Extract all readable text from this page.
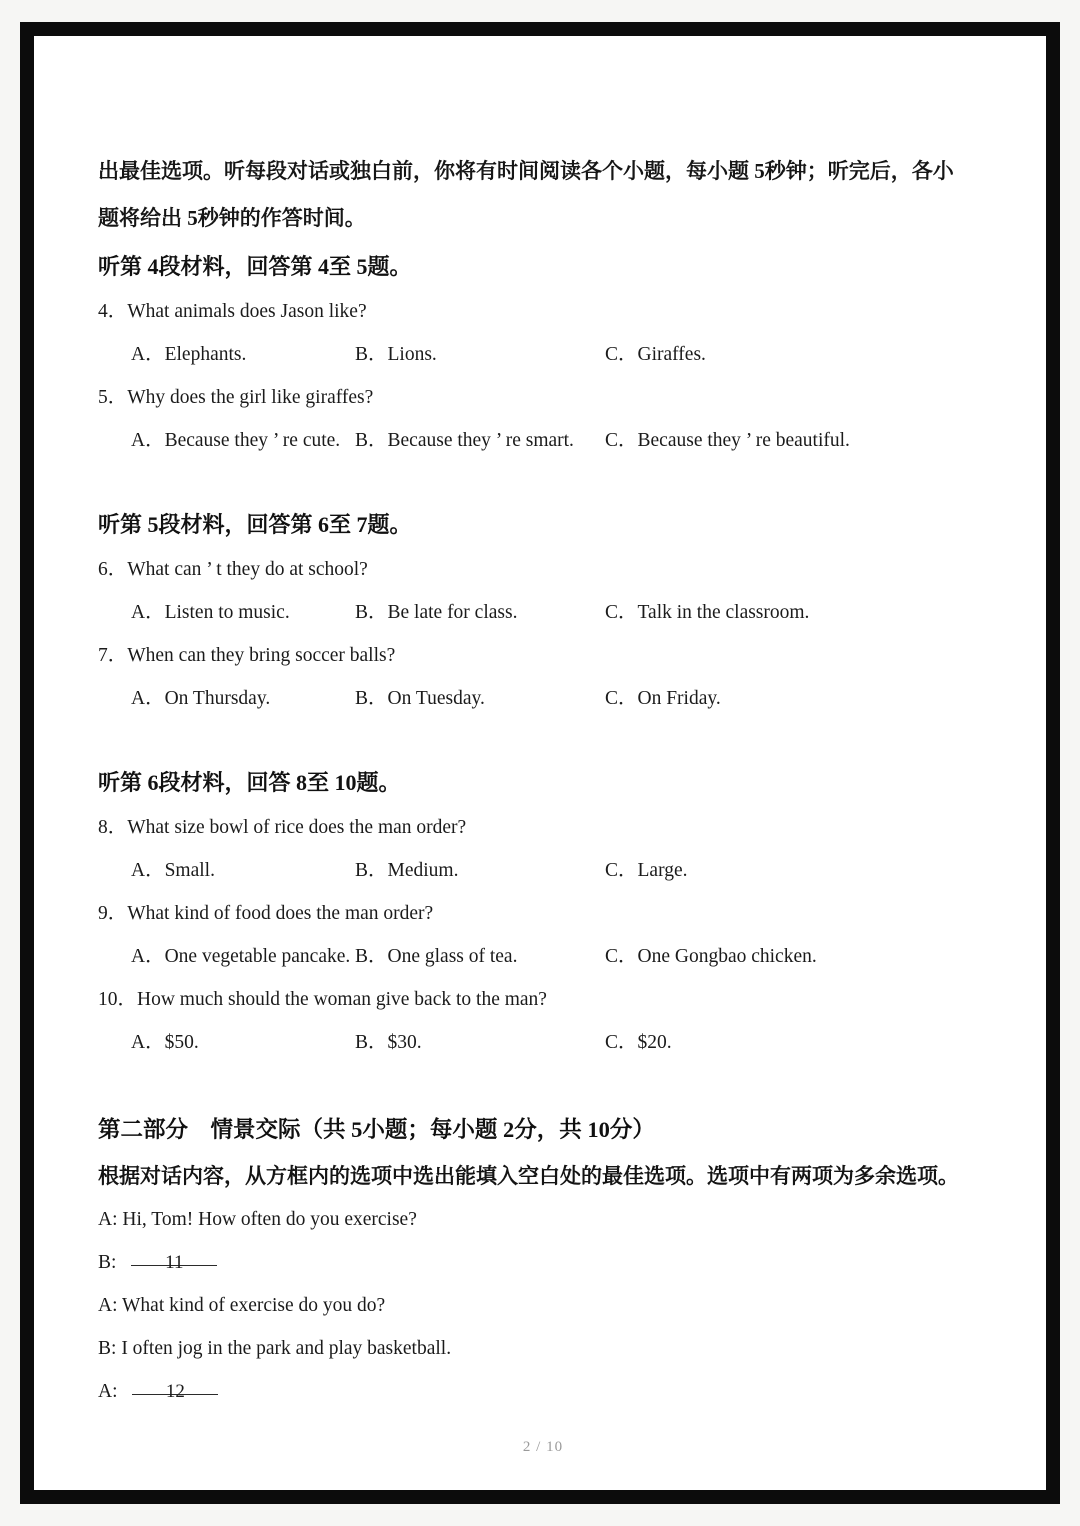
出最佳选项。听每段对话或独白前，你将有时间阅读各个小题，每小题 5秒钟；听完后，各小
题将给出 5秒钟的作答时间。
听第 4段材料，回答第 4至 5题。
4．What animals does Jason like?
A．Elephants.	B．Lions.	C．Giraffes.
5．Why does the girl like giraffes?
A．Because they ’ re cute. B．Because they ’ re smart.	C．Because they ’ re beautiful.
听第 5段材料，回答第 6至 7题。
6．What can ’ t they do at school?
A．Listen to music.	B．Be late for class.	C．Talk in the classroom.
7．When can they bring soccer balls?
A．On Thursday.	B．On Tuesday.	C．On Friday.
听第 6段材料，回答 8至 10题。
8．What size bowl of rice does the man order?
A．Small.	B．Medium.	C．Large.
9．What kind of food does the man order?
A．One vegetable pancake. B．One glass of tea.	C．One Gongbao chicken.
10．How much should the woman give back to the man?
A．$50.	B．$30.	C．$20.
第二部分　情景交际（共 5小题；每小题 2分，共 10分）
根据对话内容，从方框内的选项中选出能填入空白处的最佳选项。选项中有两项为多余选项。
A: Hi, Tom! How often do you exercise?
B:	11
A: What kind of exercise do you do?
B: I often jog in the park and play basketball.
A:	12
2 / 10
